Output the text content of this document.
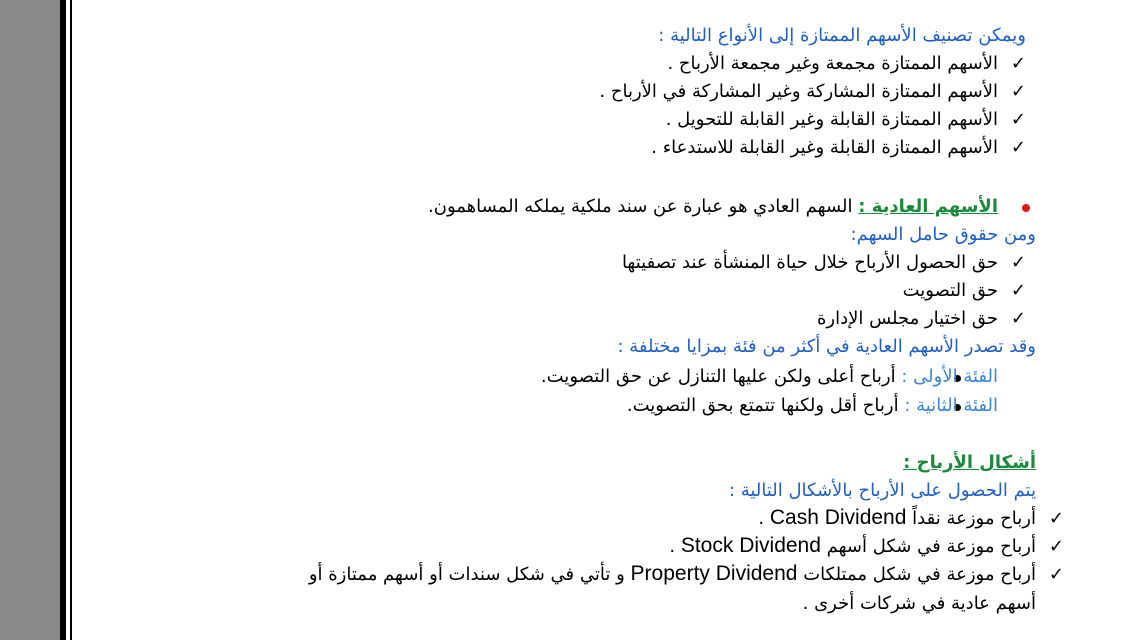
ويمكن تصنيف الأسهم الممتازة إلى الأنواع التالية :
✓
الأسهم الممتازة مجمعة وغير مجمعة الأرباح .
✓
الأسهم الممتازة المشاركة وغير المشاركة في الأرباح .
✓
الأسهم الممتازة القابلة وغير القابلة للتحويل .
✓
الأسهم الممتازة القابلة وغير القابلة للاستدعاء .
الأسهم العادية : السهم العادي هو عبارة عن سند ملكية يملكه المساهمون.
ومن حقوق حامل السهم:
✓
حق الحصول الأرباح خلال حياة المنشأة عند تصفيتها
✓
حق التصويت
✓
حق اختيار مجلس الإدارة
وقد تصدر الأسهم العادية في أكثر من فئة بمزايا مختلفة :
الفئة الأولى : أرباح أعلى ولكن عليها التنازل عن حق التصويت.
الفئة الثانية : أرباح أقل ولكنها تتمتع بحق التصويت.
أشكال الأرباح :
يتم الحصول على الأرباح بالأشكال التالية :
✓
أرباح موزعة نقداً Cash Dividend .
✓
أرباح موزعة في شكل أسهم Stock Dividend .
✓
أرباح موزعة في شكل ممتلكات Property Dividend و تأتي في شكل سندات أو أسهم ممتازة أو
أسهم عادية في شركات أخرى .
